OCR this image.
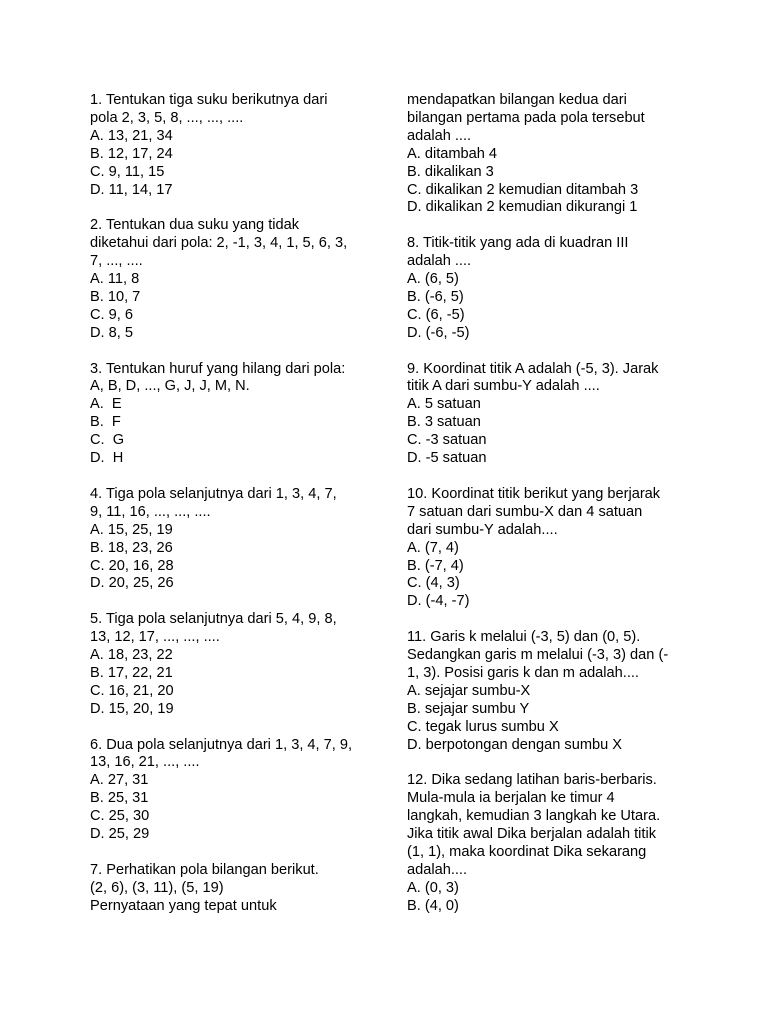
1. Tentukan tiga suku berikutnya dari
pola 2, 3, 5, 8, ..., ..., ....
A. 13, 21, 34
B. 12, 17, 24
C. 9, 11, 15
D. 11, 14, 17
2. Tentukan dua suku yang tidak
diketahui dari pola: 2, -1, 3, 4, 1, 5, 6, 3,
7, ..., ....
A. 11, 8
B. 10, 7
C. 9, 6
D. 8, 5
3. Tentukan huruf yang hilang dari pola:
A, B, D, ..., G, J, J, M, N.
A.  E
B.  F
C.  G
D.  H
4. Tiga pola selanjutnya dari 1, 3, 4, 7,
9, 11, 16, ..., ..., ....
A. 15, 25, 19
B. 18, 23, 26
C. 20, 16, 28
D. 20, 25, 26
5. Tiga pola selanjutnya dari 5, 4, 9, 8,
13, 12, 17, ..., ..., ....
A. 18, 23, 22
B. 17, 22, 21
C. 16, 21, 20
D. 15, 20, 19
6. Dua pola selanjutnya dari 1, 3, 4, 7, 9,
13, 16, 21, ..., ....
A. 27, 31
B. 25, 31
C. 25, 30
D. 25, 29
7. Perhatikan pola bilangan berikut.
(2, 6), (3, 11), (5, 19)
Pernyataan yang tepat untuk
mendapatkan bilangan kedua dari
bilangan pertama pada pola tersebut
adalah ....
A. ditambah 4
B. dikalikan 3
C. dikalikan 2 kemudian ditambah 3
D. dikalikan 2 kemudian dikurangi 1
8. Titik-titik yang ada di kuadran III
adalah ....
A. (6, 5)
B. (-6, 5)
C. (6, -5)
D. (-6, -5)
9. Koordinat titik A adalah (-5, 3). Jarak
titik A dari sumbu-Y adalah ....
A. 5 satuan
B. 3 satuan
C. -3 satuan
D. -5 satuan
10. Koordinat titik berikut yang berjarak
7 satuan dari sumbu-X dan 4 satuan
dari sumbu-Y adalah....
A. (7, 4)
B. (-7, 4)
C. (4, 3)
D. (-4, -7)
11. Garis k melalui (-3, 5) dan (0, 5).
Sedangkan garis m melalui (-3, 3) dan (-
1, 3). Posisi garis k dan m adalah....
A. sejajar sumbu-X
B. sejajar sumbu Y
C. tegak lurus sumbu X
D. berpotongan dengan sumbu X
12. Dika sedang latihan baris-berbaris.
Mula-mula ia berjalan ke timur 4
langkah, kemudian 3 langkah ke Utara.
Jika titik awal Dika berjalan adalah titik
(1, 1), maka koordinat Dika sekarang
adalah....
A. (0, 3)
B. (4, 0)
